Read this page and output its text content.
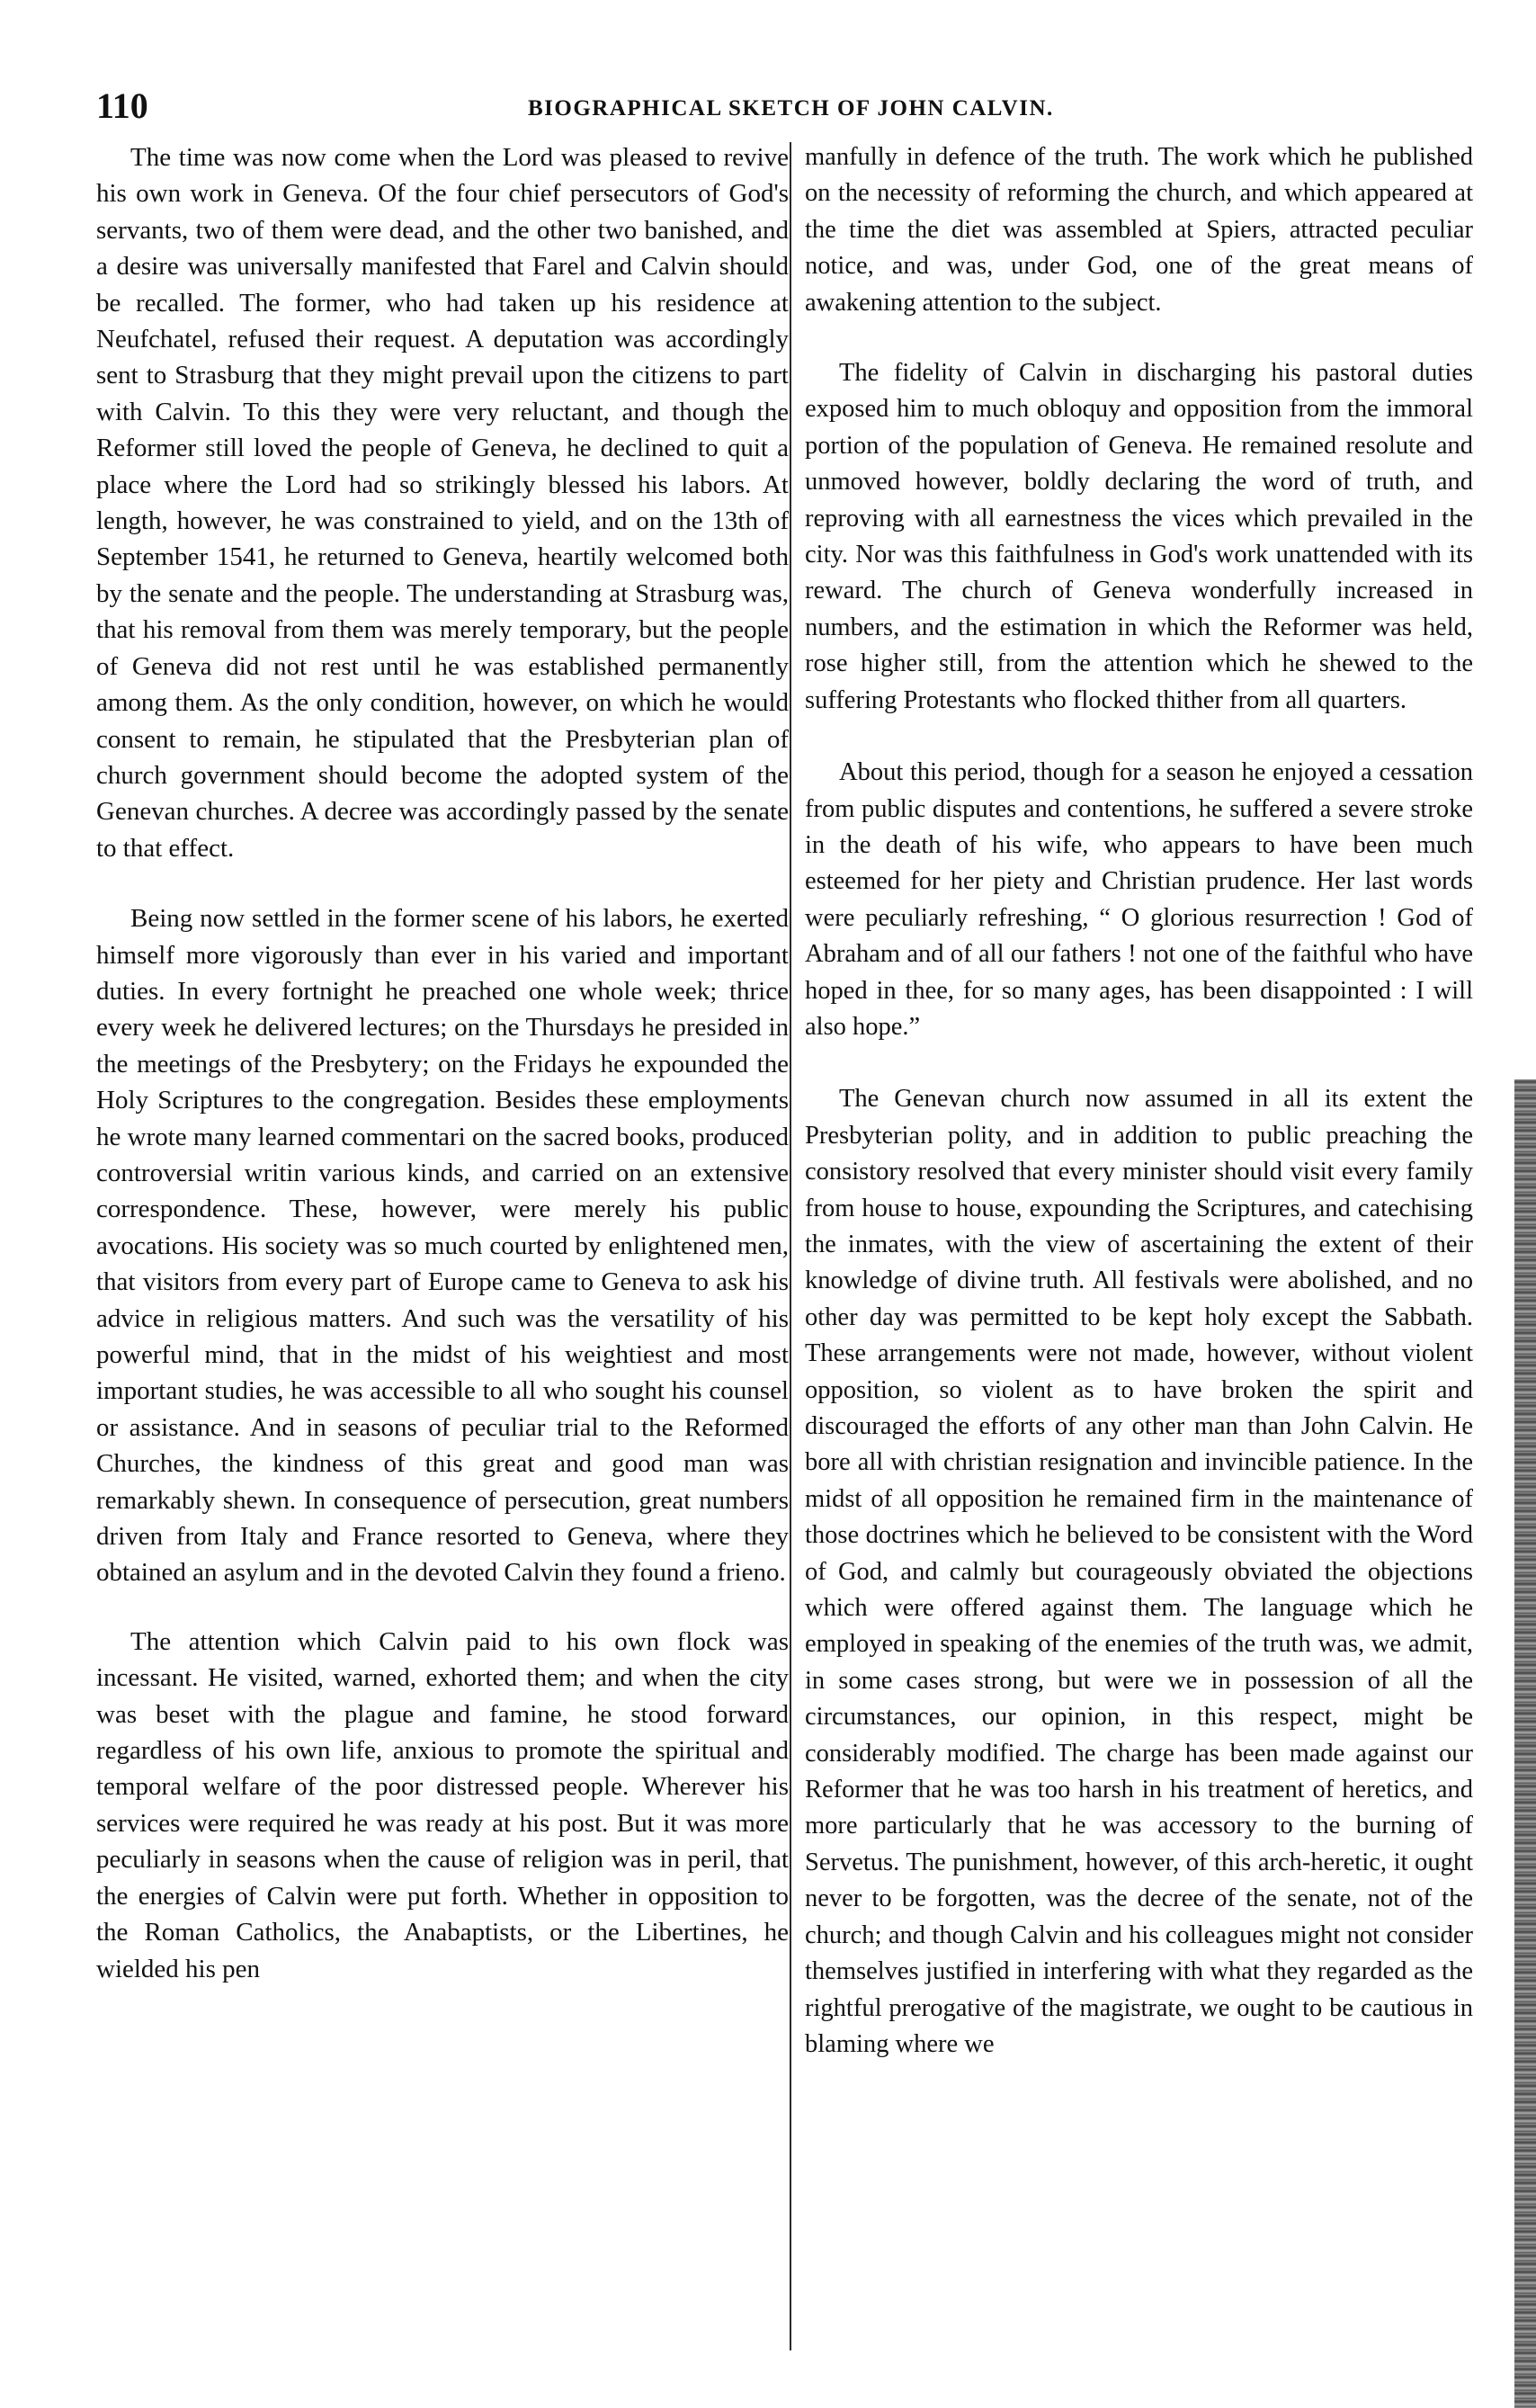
110	BIOGRAPHICAL SKETCH OF JOHN CALVIN.

The time was now come when the Lord was pleased to revive his own work in Geneva. Of the four chief persecutors of God's servants, two of them were dead, and the other two banished, and a desire was universally manifested that Farel and Calvin should be recalled. The former, who had taken up his residence at Neufchatel, refused their request. A deputation was accordingly sent to Strasburg that they might prevail upon the citizens to part with Calvin. To this they were very reluctant, and though the Reformer still loved the people of Geneva, he declined to quit a place where the Lord had so strikingly blessed his labors. At length, however, he was constrained to yield, and on the 13th of September 1541, he returned to Geneva, heartily welcomed both by the senate and the people. The understanding at Strasburg was, that his removal from them was merely temporary, but the people of Geneva did not rest until he was established permanently among them. As the only condition, however, on which he would consent to remain, he stipulated that the Presbyterian plan of church government should become the adopted system of the Genevan churches. A decree was accordingly passed by the senate to that effect.

Being now settled in the former scene of his labors, he exerted himself more vigorously than ever in his varied and important duties. In every fortnight he preached one whole week; thrice every week he delivered lectures; on the Thursdays he presided in the meetings of the Presbytery; on the Fridays he expounded the Holy Scriptures to the congregation. Besides these employments he wrote many learned commentari on the sacred books, produced controversial writin various kinds, and carried on an extensive correspondence. These, however, were merely his public avocations. His society was so much courted by enlightened men, that visitors from every part of Europe came to Geneva to ask his advice in religious matters. And such was the versatility of his powerful mind, that in the midst of his weightiest and most important studies, he was accessible to all who sought his counsel or assistance. And in seasons of peculiar trial to the Reformed Churches, the kindness of this great and good man was remarkably shewn. In consequence of persecution, great numbers driven from Italy and France resorted to Geneva, where they obtained an asylum and in the devoted Calvin they found a frieno.

The attention which Calvin paid to his own flock was incessant. He visited, warned, exhorted them; and when the city was beset with the plague and famine, he stood forward regardless of his own life, anxious to promote the spiritual and temporal welfare of the poor distressed people. Wherever his services were required he was ready at his post. But it was more peculiarly in seasons when the cause of religion was in peril, that the energies of Calvin were put forth. Whether in opposition to the Roman Catholics, the Anabaptists, or the Libertines, he wielded his pen

manfully in defence of the truth. The work which he published on the necessity of reforming the church, and which appeared at the time the diet was assembled at Spiers, attracted peculiar notice, and was, under God, one of the great means of awakening attention to the subject.

The fidelity of Calvin in discharging his pastoral duties exposed him to much obloquy and opposition from the immoral portion of the population of Geneva. He remained resolute and unmoved however, boldly declaring the word of truth, and reproving with all earnestness the vices which prevailed in the city. Nor was this faithfulness in God's work unattended with its reward. The church of Geneva wonderfully increased in numbers, and the estimation in which the Reformer was held, rose higher still, from the attention which he shewed to the suffering Protestants who flocked thither from all quarters.

About this period, though for a season he enjoyed a cessation from public disputes and contentions, he suffered a severe stroke in the death of his wife, who appears to have been much esteemed for her piety and Christian prudence. Her last words were peculiarly refreshing, “ O glorious resurrection ! God of Abraham and of all our fathers ! not one of the faithful who have hoped in thee, for so many ages, has been disappointed : I will also hope.”

The Genevan church now assumed in all its extent the Presbyterian polity, and in addition to public preaching the consistory resolved that every minister should visit every family from house to house, expounding the Scriptures, and catechising the inmates, with the view of ascertaining the extent of their knowledge of divine truth. All festivals were abolished, and no other day was permitted to be kept holy except the Sabbath. These arrangements were not made, however, without violent opposition, so violent as to have broken the spirit and discouraged the efforts of any other man than John Calvin. He bore all with christian resignation and invincible patience. In the midst of all opposition he remained firm in the maintenance of those doctrines which he believed to be consistent with the Word of God, and calmly but courageously obviated the objections which were offered against them. The language which he employed in speaking of the enemies of the truth was, we admit, in some cases strong, but were we in possession of all the circumstances, our opinion, in this respect, might be considerably modified. The charge has been made against our Reformer that he was too harsh in his treatment of heretics, and more particularly that he was accessory to the burning of Servetus. The punishment, however, of this arch-heretic, it ought never to be forgotten, was the decree of the senate, not of the church; and though Calvin and his colleagues might not consider themselves justified in interfering with what they regarded as the rightful prerogative of the magistrate, we ought to be cautious in blaming where we
